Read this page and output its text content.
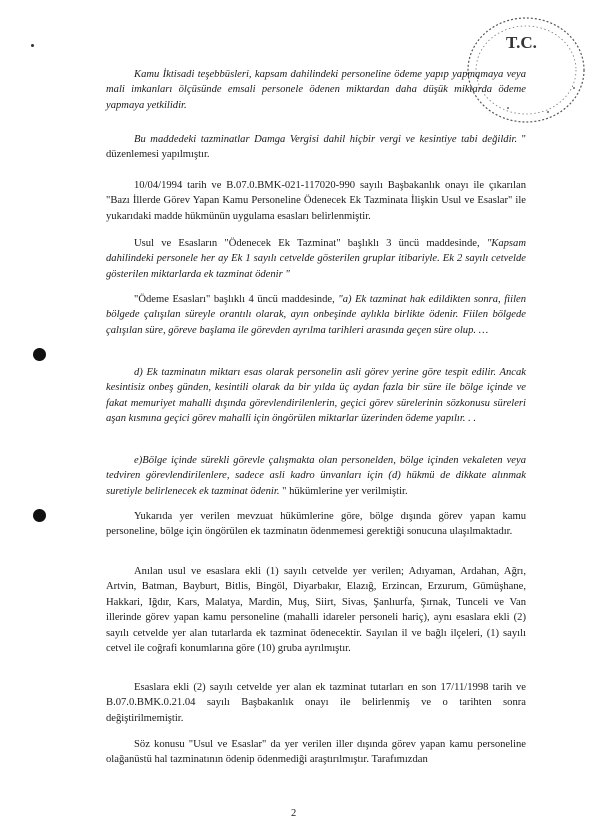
T.C.

Kamu İktisadi teşebbüsleri, kapsam dahilindeki personeline ödeme yapıp yapmamaya veya mali imkanları ölçüsünde emsali personele ödenen miktardan daha düşük miktarda ödeme yapmaya yetkilidir.

Bu maddedeki tazminatlar Damga Vergisi dahil hiçbir vergi ve kesintiye tabi değildir. " düzenlemesi yapılmıştır.

10/04/1994 tarih ve B.07.0.BMK-021-117020-990 sayılı Başbakanlık onayı ile çıkarılan "Bazı İllerde Görev Yapan Kamu Personeline Ödenecek Ek Tazminata İlişkin Usul ve Esaslar" ile yukarıdaki madde hükmünün uygulama esasları belirlenmiştir.

Usul ve Esasların "Ödenecek Ek Tazminat" başlıklı 3 üncü maddesinde, "Kapsam dahilindeki personele her ay Ek 1 sayılı cetvelde gösterilen gruplar itibariyle. Ek 2 sayılı cetvelde gösterilen miktarlarda ek tazminat ödenir "

"Ödeme Esasları" başlıklı 4 üncü maddesinde, "a) Ek tazminat hak edildikten sonra, fiilen bölgede çalışılan süreyle orantılı olarak, ayın onbeşinde aylıkla birlikte ödenir. Fiilen bölgede çalışılan süre, göreve başlama ile görevden ayrılma tarihleri arasında geçen süre olup. …

d) Ek tazminatın miktarı esas olarak personelin asli görev yerine göre tespit edilir. Ancak kesintisiz onbeş günden, kesintili olarak da bir yılda üç aydan fazla bir süre ile bölge içinde ve fakat memuriyet mahalli dışında görevlendirilenlerin, geçici görev sürelerinin sözkonusu süreleri aşan kısmına geçici görev mahalli için öngörülen miktarlar üzerinden ödeme yapılır. . .

e)Bölge içinde sürekli görevle çalışmakta olan personelden, bölge içinden vekaleten veya tedviren görevlendirilenlere, sadece asli kadro ünvanları için (d) hükmü de dikkate alınmak suretiyle belirlenecek ek tazminat ödenir. " hükümlerine yer verilmiştir.

Yukarıda yer verilen mevzuat hükümlerine göre, bölge dışında görev yapan kamu personeline, bölge için öngörülen ek tazminatın ödenmemesi gerektiği sonucuna ulaşılmaktadır.

Anılan usul ve esaslara ekli (1) sayılı cetvelde yer verilen; Adıyaman, Ardahan, Ağrı, Artvin, Batman, Bayburt, Bitlis, Bingöl, Diyarbakır, Elazığ, Erzincan, Erzurum, Gümüşhane, Hakkari, Iğdır, Kars, Malatya, Mardin, Muş, Siirt, Sivas, Şanlıurfa, Şırnak, Tunceli ve Van illerinde görev yapan kamu personeline (mahalli idareler personeli hariç), aynı esaslara ekli (2) sayılı cetvelde yer alan tutarlarda ek tazminat ödenecektir. Sayılan il ve bağlı ilçeleri, (1) sayılı cetvel ile coğrafi konumlarına göre (10) gruba ayrılmıştır.

Esaslara ekli (2) sayılı cetvelde yer alan ek tazminat tutarları en son 17/11/1998 tarih ve B.07.0.BMK.0.21.04 sayılı Başbakanlık onayı ile belirlenmiş ve o tarihten sonra değiştirilmemiştir.

Söz konusu "Usul ve Esaslar" da yer verilen iller dışında görev yapan kamu personeline olağanüstü hal tazminatının ödenip ödenmediği araştırılmıştır. Tarafımızdan

2
